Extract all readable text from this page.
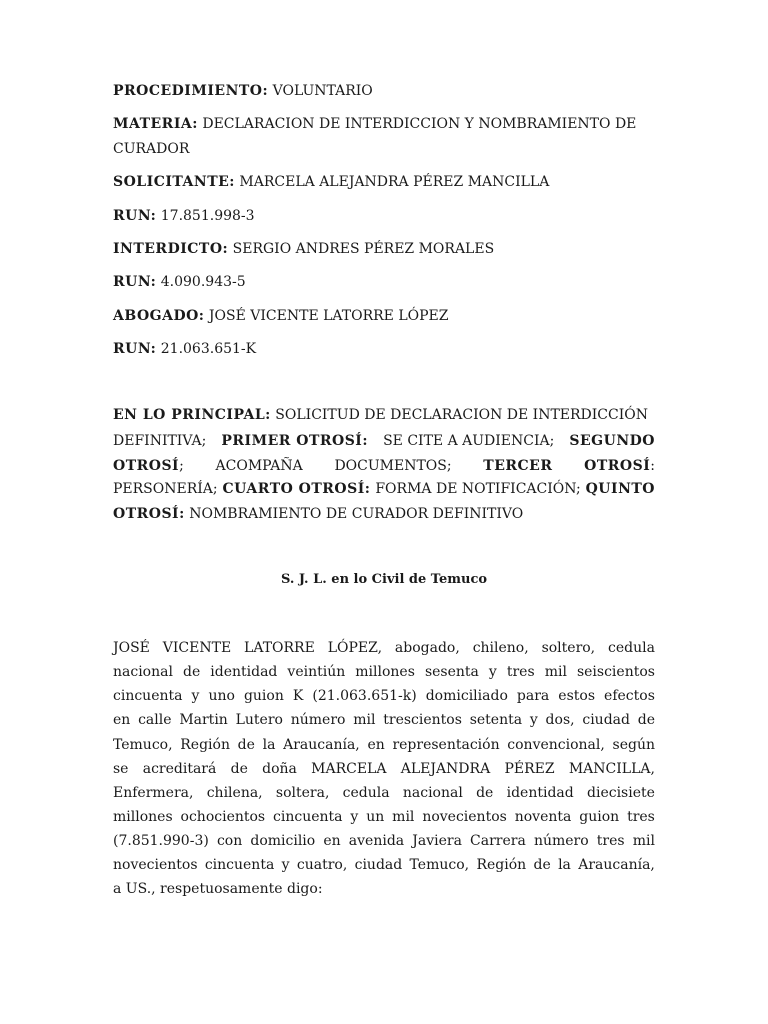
PROCEDIMIENTO: VOLUNTARIO
MATERIA: DECLARACION DE INTERDICCION Y NOMBRAMIENTO DE
CURADOR
SOLICITANTE: MARCELA ALEJANDRA PÉREZ MANCILLA
RUN: 17.851.998-3
INTERDICTO: SERGIO ANDRES PÉREZ MORALES
RUN: 4.090.943-5
ABOGADO: JOSÉ VICENTE LATORRE LÓPEZ
RUN: 21.063.651-K
EN LO PRINCIPAL: SOLICITUD DE DECLARACION DE INTERDICCIÓN
DEFINITIVA; PRIMER OTROSÍ: SE CITE A AUDIENCIA; SEGUNDO
OTROSÍ; ACOMPAÑA DOCUMENTOS; TERCER OTROSÍ:
PERSONERÍA; CUARTO OTROSÍ: FORMA DE NOTIFICACIÓN; QUINTO
OTROSÍ: NOMBRAMIENTO DE CURADOR DEFINITIVO
S. J. L. en lo Civil de Temuco
JOSÉ VICENTE LATORRE LÓPEZ, abogado, chileno, soltero, cedula
nacional de identidad veintiún millones sesenta y tres mil seiscientos
cincuenta y uno guion K (21.063.651-k) domiciliado para estos efectos
en calle Martin Lutero número mil trescientos setenta y dos, ciudad de
Temuco, Región de la Araucanía, en representación convencional, según
se acreditará de doña MARCELA ALEJANDRA PÉREZ MANCILLA,
Enfermera, chilena, soltera, cedula nacional de identidad diecisiete
millones ochocientos cincuenta y un mil novecientos noventa guion tres
(7.851.990-3) con domicilio en avenida Javiera Carrera número tres mil
novecientos cincuenta y cuatro, ciudad Temuco, Región de la Araucanía,
a US., respetuosamente digo:
